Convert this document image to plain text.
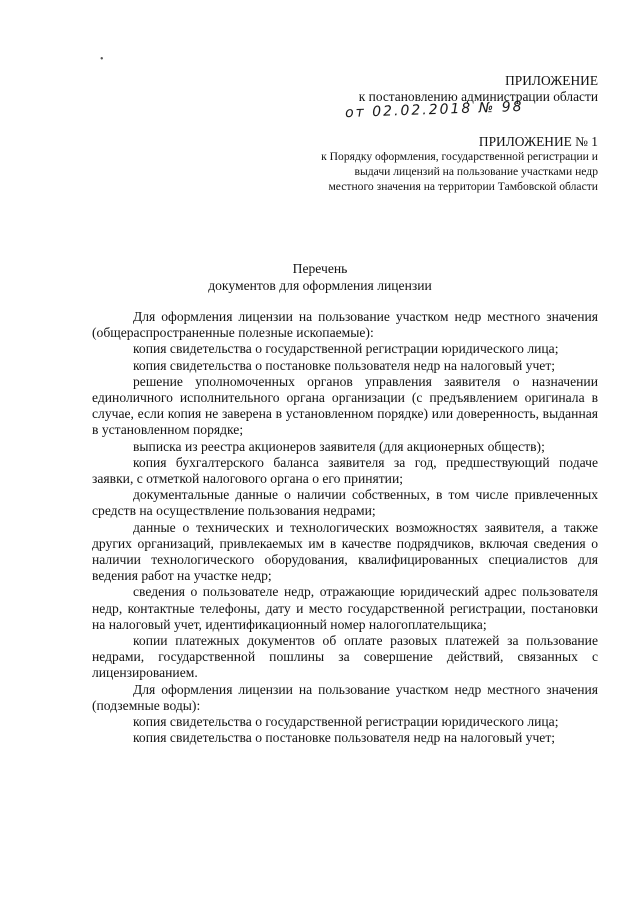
•
ПРИЛОЖЕНИЕ
к постановлению администрации области
от 02.02.2018 № 98
ПРИЛОЖЕНИЕ № 1
к Порядку оформления, государственной регистрации и
выдачи лицензий на пользование участками недр
местного значения на территории Тамбовской области
Перечень
документов для оформления лицензии

Для оформления лицензии на пользование участком недр местного значения (общераспространенные полезные ископаемые):

копия свидетельства о государственной регистрации юридического лица;

копия свидетельства о постановке пользователя недр на налоговый учет;

решение уполномоченных органов управления заявителя о назначении единоличного исполнительного органа организации (с предъявлением оригинала в случае, если копия не заверена в установленном порядке) или доверенность, выданная в установленном порядке;

выписка из реестра акционеров заявителя (для акционерных обществ);

копия бухгалтерского баланса заявителя за год, предшествующий подаче заявки, с отметкой налогового органа о его принятии;

документальные данные о наличии собственных, в том числе привлеченных средств на осуществление пользования недрами;

данные о технических и технологических возможностях заявителя, а также других организаций, привлекаемых им в качестве подрядчиков, включая сведения о наличии технологического оборудования, квалифицированных специалистов для ведения работ на участке недр;

сведения о пользователе недр, отражающие юридический адрес пользователя недр, контактные телефоны, дату и место государственной регистрации, постановки на налоговый учет, идентификационный номер налогоплательщика;

копии платежных документов об оплате разовых платежей за пользование недрами, государственной пошлины за совершение действий, связанных с лицензированием.

Для оформления лицензии на пользование участком недр местного значения (подземные воды):

копия свидетельства о государственной регистрации юридического лица;

копия свидетельства о постановке пользователя недр на налоговый учет;
